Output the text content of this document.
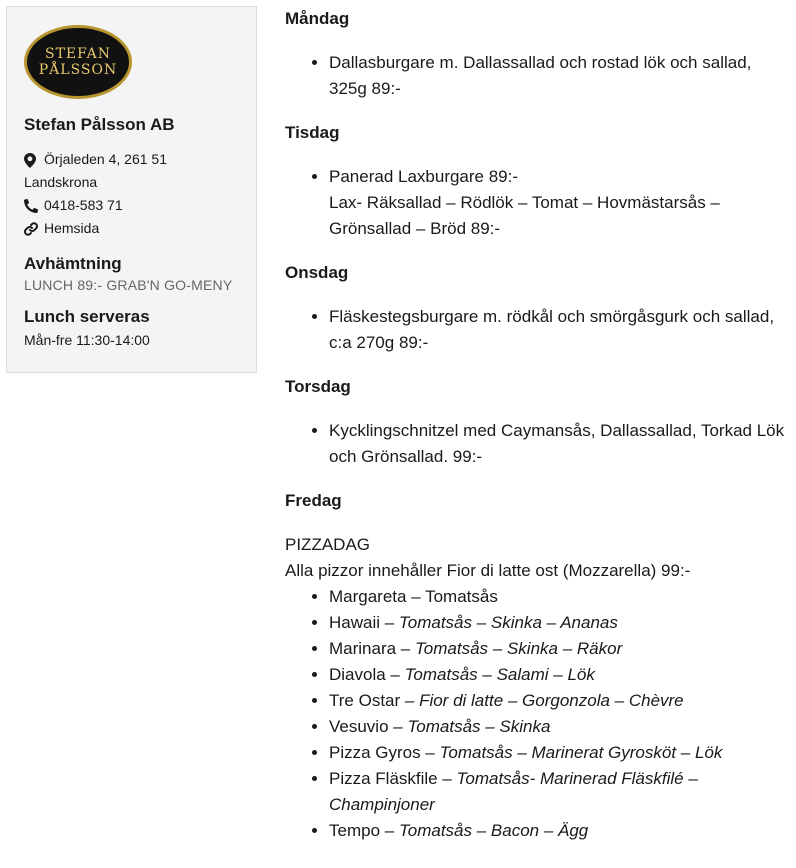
STEFAN
PÅLSSON
Stefan Pålsson AB
Örjaleden 4, 261 51
Landskrona
0418-583 71
Hemsida
Avhämtning
LUNCH 89:- GRAB'N GO-MENY
Lunch serveras
Mån-fre 11:30-14:00
Måndag
• Dallasburgare m. Dallassallad och rostad lök och sallad, 325g 89:-
Tisdag
• Panerad Laxburgare 89:-
Lax- Räksallad – Rödlök – Tomat – Hovmästarsås – Grönsallad – Bröd 89:-
Onsdag
• Fläskestegsburgare m. rödkål och smörgåsgurk och sallad, c:a 270g 89:-
Torsdag
• Kycklingschnitzel med Caymansås, Dallassallad, Torkad Lök och Grönsallad. 99:-
Fredag
PIZZADAG
Alla pizzor innehåller Fior di latte ost (Mozzarella) 99:-
• Margareta – Tomatsås
• Hawaii – Tomatsås – Skinka – Ananas
• Marinara – Tomatsås – Skinka – Räkor
• Diavola – Tomatsås – Salami – Lök
• Tre Ostar – Fior di latte – Gorgonzola – Chèvre
• Vesuvio – Tomatsås – Skinka
• Pizza Gyros – Tomatsås – Marinerat Gyrosköt – Lök
• Pizza Fläskfile – Tomatsås- Marinerad Fläskfilé – Champinjoner
• Tempo – Tomatsås – Bacon – Ägg
